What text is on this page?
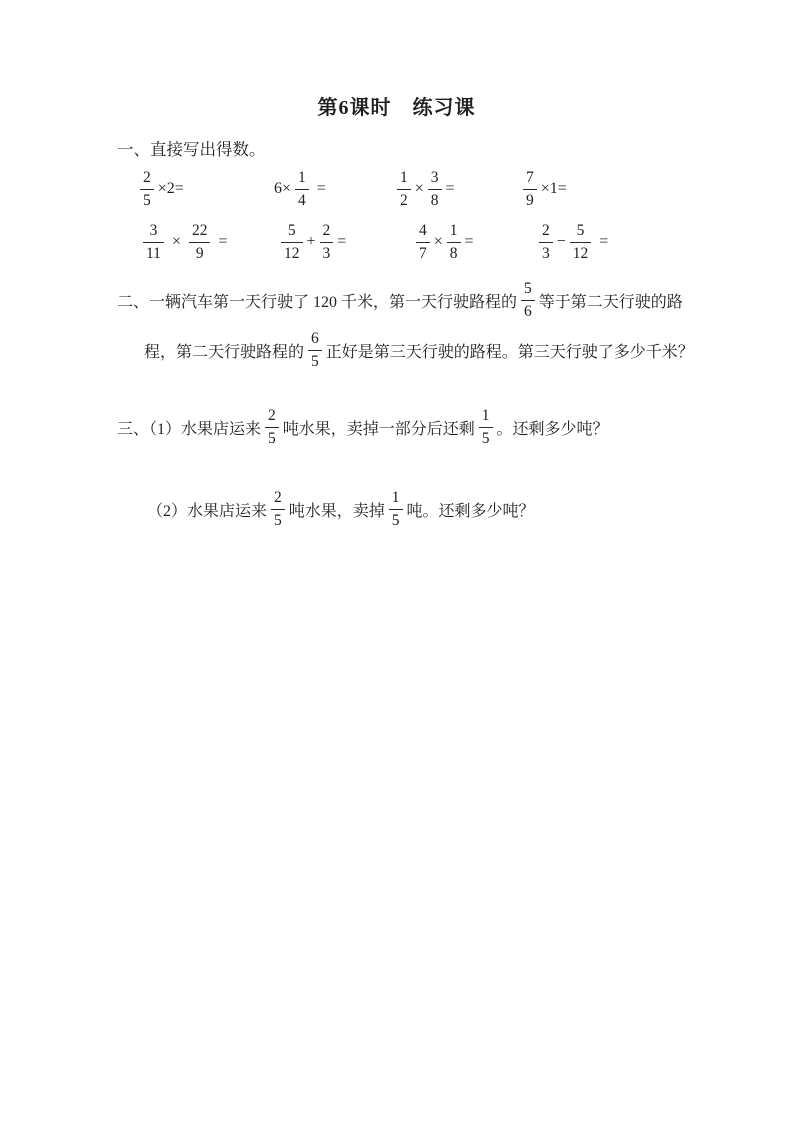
第6课时　练习课
一、直接写出得数。
$\frac{2}{5} \times 2=$	$6\times \frac{1}{4}$ =	$\frac{1}{2} \times \frac{3}{8}$ =	$\frac{7}{9} \times 1=$
$\frac{3}{11} \times \frac{22}{9}$ =	$\frac{5}{12} + \frac{2}{3}$ =	$\frac{4}{7} \times \frac{1}{8}$ =	$\frac{2}{3} - \frac{5}{12}$ =
二、一辆汽车第一天行驶了 120 千米，第一天行驶路程的 $\frac{5}{6}$ 等于第二天行驶的路
程，第二天行驶路程的 $\frac{6}{5}$ 正好是第三天行驶的路程。第三天行驶了多少千米？
三、（1）水果店运来 $\frac{2}{5}$ 吨水果，卖掉一部分后还剩 $\frac{1}{5}$ 。还剩多少吨？
（2）水果店运来 $\frac{2}{5}$ 吨水果，卖掉 $\frac{1}{5}$ 吨。还剩多少吨？
